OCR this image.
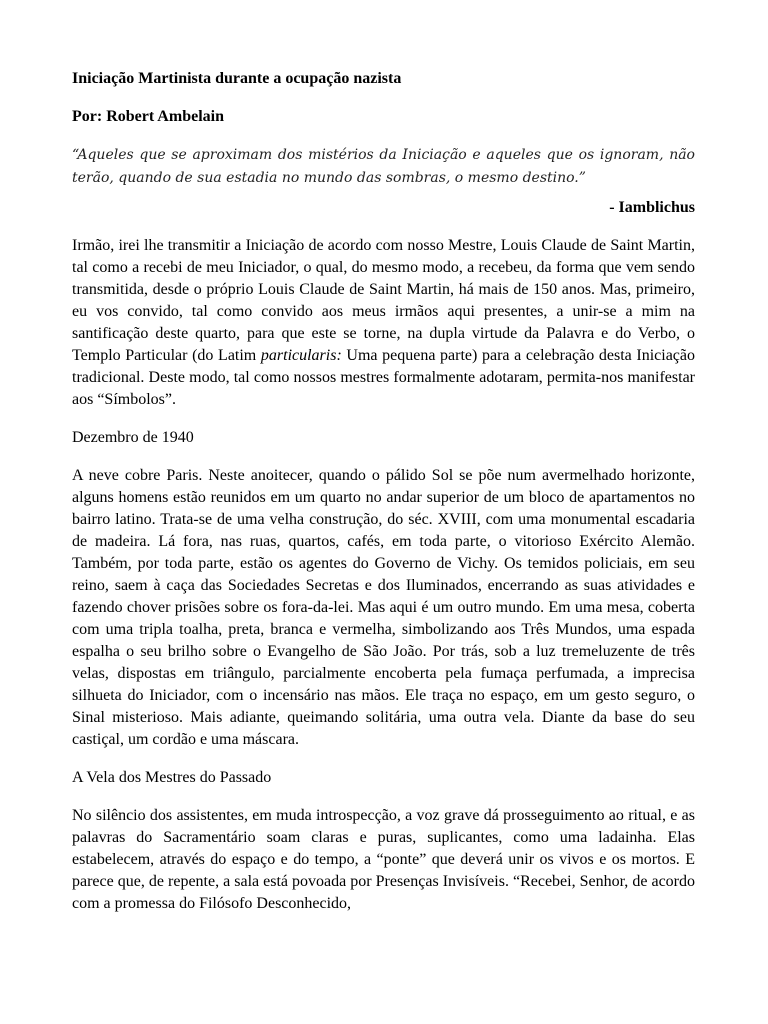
Iniciação Martinista durante a ocupação nazista

Por: Robert Ambelain

“Aqueles que se aproximam dos mistérios da Iniciação e aqueles que os ignoram, não terão, quando de sua estadia no mundo das sombras, o mesmo destino.”

- Iamblichus

Irmão, irei lhe transmitir a Iniciação de acordo com nosso Mestre, Louis Claude de Saint Martin, tal como a recebi de meu Iniciador, o qual, do mesmo modo, a recebeu, da forma que vem sendo transmitida, desde o próprio Louis Claude de Saint Martin, há mais de 150 anos. Mas, primeiro, eu vos convido, tal como convido aos meus irmãos aqui presentes, a unir-se a mim na santificação deste quarto, para que este se torne, na dupla virtude da Palavra e do Verbo, o Templo Particular (do Latim particularis: Uma pequena parte) para a celebração desta Iniciação tradicional. Deste modo, tal como nossos mestres formalmente adotaram, permita-nos manifestar aos “Símbolos”.

Dezembro de 1940

A neve cobre Paris. Neste anoitecer, quando o pálido Sol se põe num avermelhado horizonte, alguns homens estão reunidos em um quarto no andar superior de um bloco de apartamentos no bairro latino. Trata-se de uma velha construção, do séc. XVIII, com uma monumental escadaria de madeira. Lá fora, nas ruas, quartos, cafés, em toda parte, o vitorioso Exército Alemão. Também, por toda parte, estão os agentes do Governo de Vichy. Os temidos policiais, em seu reino, saem à caça das Sociedades Secretas e dos Iluminados, encerrando as suas atividades e fazendo chover prisões sobre os fora-da-lei. Mas aqui é um outro mundo. Em uma mesa, coberta com uma tripla toalha, preta, branca e vermelha, simbolizando aos Três Mundos, uma espada espalha o seu brilho sobre o Evangelho de São João. Por trás, sob a luz tremeluzente de três velas, dispostas em triângulo, parcialmente encoberta pela fumaça perfumada, a imprecisa silhueta do Iniciador, com o incensário nas mãos. Ele traça no espaço, em um gesto seguro, o Sinal misterioso. Mais adiante, queimando solitária, uma outra vela. Diante da base do seu castiçal, um cordão e uma máscara.

A Vela dos Mestres do Passado

No silêncio dos assistentes, em muda introspecção, a voz grave dá prosseguimento ao ritual, e as palavras do Sacramentário soam claras e puras, suplicantes, como uma ladainha. Elas estabelecem, através do espaço e do tempo, a “ponte” que deverá unir os vivos e os mortos. E parece que, de repente, a sala está povoada por Presenças Invisíveis. “Recebei, Senhor, de acordo com a promessa do Filósofo Desconhecido,
